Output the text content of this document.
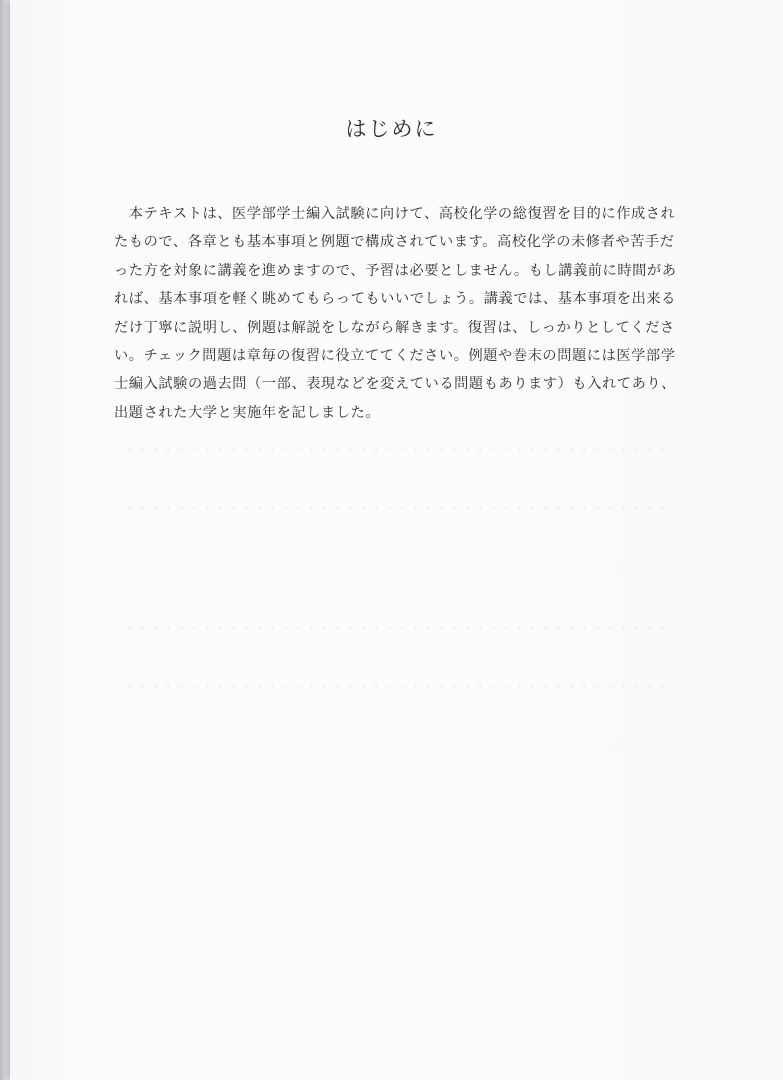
・・・・・・・・・・・・・・・・・・・・・・・・・・・・・・・・・・・・・・・・・・
・・・・・・・・・・・・・・・・・・・・・・・・・・・・・・・・・・・・・・・・・・
・・・・・・・・・・・・・・・・・・・・・・・・・・・・・・・・・・・・・・・・・・
・・・・・・・・・・・・・・・・・・・・・・・・・・・・・・・・・・・・・・・・・・
・・・・・・・・・・・・・・・・・・・・・・・・・・・・・・・・・・・・・・・・・・
・・・・・・・・・・・・・・・・・・・・・・・・・・・・・・・・・・・・・・・・・・
はじめに
　本テキストは、医学部学士編入試験に向けて、高校化学の総復習を目的に作成され
たもので、各章とも基本事項と例題で構成されています。高校化学の未修者や苦手だ
った方を対象に講義を進めますので、予習は必要としません。もし講義前に時間があ
れば、基本事項を軽く眺めてもらってもいいでしょう。講義では、基本事項を出来る
だけ丁寧に説明し、例題は解説をしながら解きます。復習は、しっかりとしてくださ
い。チェック問題は章毎の復習に役立ててください。例題や巻末の問題には医学部学
士編入試験の過去問（一部、表現などを変えている問題もあります）も入れてあり、
出題された大学と実施年を記しました。
